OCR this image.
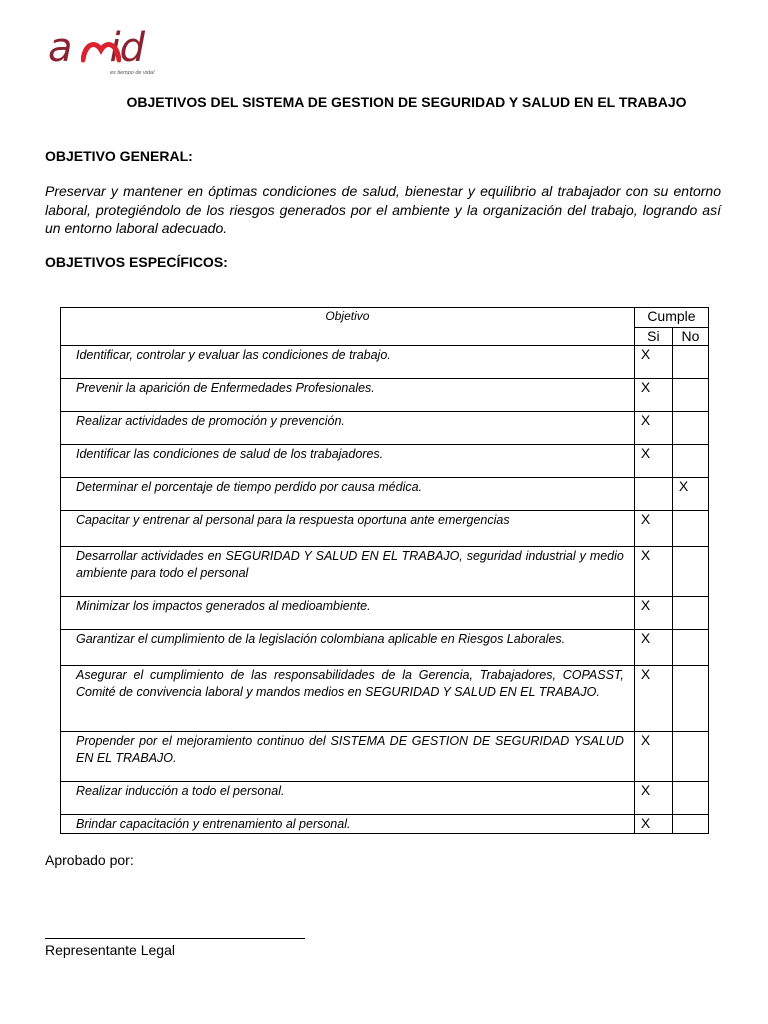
a id
es tiempo de vida!
OBJETIVOS DEL SISTEMA DE GESTION DE SEGURIDAD Y SALUD EN EL TRABAJO
OBJETIVO GENERAL:
Preservar y mantener en óptimas condiciones de salud, bienestar y equilibrio al trabajador con su entorno laboral, protegiéndolo de los riesgos generados por el ambiente y la organización del trabajo, logrando así un entorno laboral adecuado.
OBJETIVOS ESPECÍFICOS:
Objetivo	Cumple	
	Si	No
Identificar, controlar y evaluar las condiciones de trabajo.	X	
Prevenir la aparición de Enfermedades Profesionales.	X	
Realizar actividades de promoción y prevención.	X	
Identificar las condiciones de salud de los trabajadores.	X	
Determinar el porcentaje de tiempo perdido por causa médica.		X
Capacitar y entrenar al personal para la respuesta oportuna ante emergencias	X	
Desarrollar actividades en SEGURIDAD Y SALUD EN EL TRABAJO, seguridad industrial y medio ambiente para todo el personal	X	
Minimizar los impactos generados al medioambiente.	X	
Garantizar el cumplimiento de la legislación colombiana aplicable en Riesgos Laborales.	X	
Asegurar el cumplimiento de las responsabilidades de la Gerencia, Trabajadores, COPASST, Comité de convivencia laboral y mandos medios en SEGURIDAD Y SALUD EN EL TRABAJO.	X	
Propender por el mejoramiento continuo del SISTEMA DE GESTION DE SEGURIDAD YSALUD EN EL TRABAJO.	X	
Realizar inducción a todo el personal.	X	
Brindar capacitación y entrenamiento al personal.	X	
Aprobado por:
Representante Legal
